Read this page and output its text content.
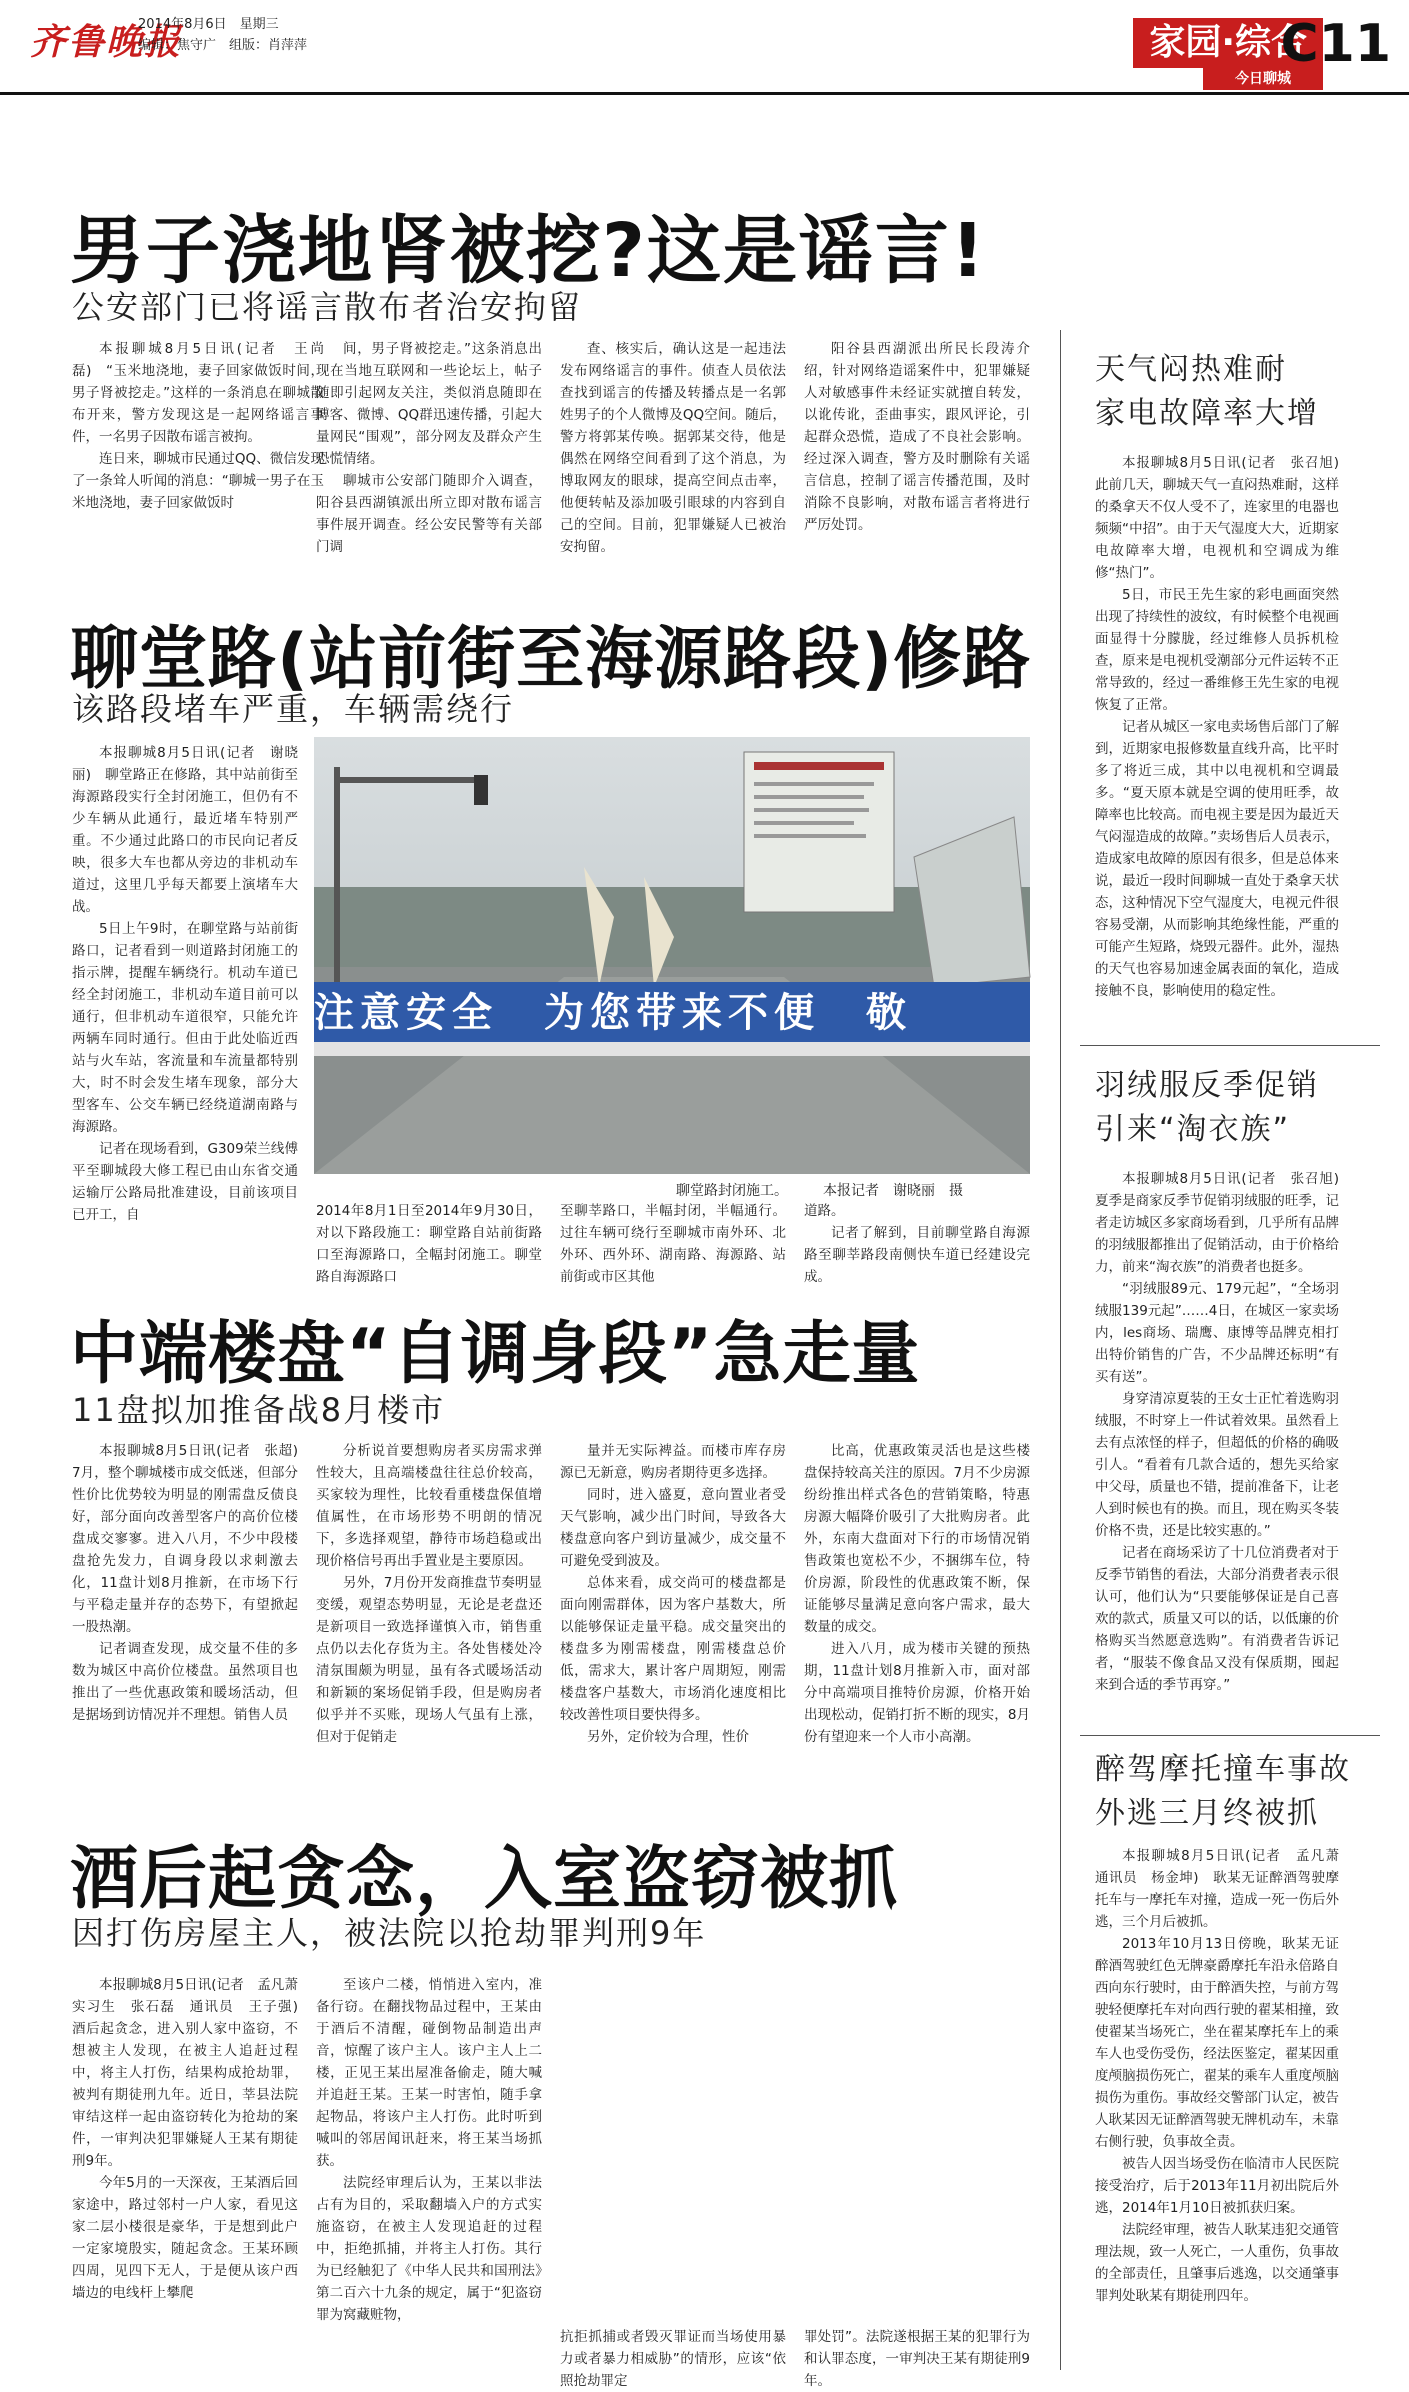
齐鲁晚报
2014年8月6日　星期三
编辑：焦守广　组版：肖萍萍	家园·综合
今日聊城
C11
男子浇地肾被挖?这是谣言!
公安部门已将谣言散布者治安拘留

本报聊城8月5日讯(记者　王尚磊)　“玉米地浇地，妻子回家做饭时间，男子肾被挖走。”这样的一条消息在聊城散布开来，警方发现这是一起网络谣言事件，一名男子因散布谣言被拘。

连日来，聊城市民通过QQ、微信发现了一条耸人听闻的消息：“聊城一男子在玉米地浇地，妻子回家做饭时

间，男子肾被挖走。”这条消息出现在当地互联网和一些论坛上，帖子随即引起网友关注，类似消息随即在博客、微博、QQ群迅速传播，引起大量网民“围观”，部分网友及群众产生恐慌情绪。

聊城市公安部门随即介入调查，阳谷县西湖镇派出所立即对散布谣言事件展开调查。经公安民警等有关部门调

查、核实后，确认这是一起违法发布网络谣言的事件。侦查人员依法查找到谣言的传播及转播点是一名郭姓男子的个人微博及QQ空间。随后，警方将郭某传唤。据郭某交待，他是偶然在网络空间看到了这个消息，为博取网友的眼球，提高空间点击率，他便转帖及添加吸引眼球的内容到自己的空间。目前，犯罪嫌疑人已被治安拘留。

阳谷县西湖派出所民长段涛介绍，针对网络造谣案件中，犯罪嫌疑人对敏感事件未经证实就擅自转发，以讹传讹，歪曲事实，跟风评论，引起群众恐慌，造成了不良社会影响。经过深入调查，警方及时删除有关谣言信息，控制了谣言传播范围，及时消除不良影响，对散布谣言者将进行严厉处罚。

聊堂路(站前街至海源路段)修路
该路段堵车严重，车辆需绕行

本报聊城8月5日讯(记者　谢晓丽)　聊堂路正在修路，其中站前街至海源路段实行全封闭施工，但仍有不少车辆从此通行，最近堵车特别严重。不少通过此路口的市民向记者反映，很多大车也都从旁边的非机动车道过，这里几乎每天都要上演堵车大战。

5日上午9时，在聊堂路与站前街路口，记者看到一则道路封闭施工的指示牌，提醒车辆绕行。机动车道已经全封闭施工，非机动车道目前可以通行，但非机动车道很窄，只能允许两辆车同时通行。但由于此处临近西站与火车站，客流量和车流量都特别大，时不时会发生堵车现象，部分大型客车、公交车辆已经绕道湖南路与海源路。

记者在现场看到，G309荣兰线傅平至聊城段大修工程已由山东省交通运输厅公路局批准建设，目前该项目已开工，自

注意安全　为您带来不便　敬
聊堂路封闭施工。　　　本报记者　谢晓丽　摄

2014年8月1日至2014年9月30日，对以下路段施工：聊堂路自站前街路口至海源路口，全幅封闭施工。聊堂路自海源路口

至聊莘路口，半幅封闭，半幅通行。过往车辆可绕行至聊城市南外环、北外环、西外环、湖南路、海源路、站前街或市区其他

道路。

记者了解到，目前聊堂路自海源路至聊莘路段南侧快车道已经建设完成。

中端楼盘“自调身段”急走量
11盘拟加推备战8月楼市

本报聊城8月5日讯(记者　张超)　7月，整个聊城楼市成交低迷，但部分性价比优势较为明显的刚需盘反债良好，部分面向改善型客户的高价位楼盘成交寥寥。进入八月，不少中段楼盘抢先发力，自调身段以求刺激去化，11盘计划8月推新，在市场下行与平稳走量并存的态势下，有望掀起一股热潮。

记者调查发现，成交量不佳的多数为城区中高价位楼盘。虽然项目也推出了一些优惠政策和暖场活动，但是据场到访情况并不理想。销售人员

分析说首要想购房者买房需求弹性较大，且高端楼盘往往总价较高，买家较为理性，比较看重楼盘保值增值属性，在市场形势不明朗的情况下，多选择观望，静待市场趋稳或出现价格信号再出手置业是主要原因。

另外，7月份开发商推盘节奏明显变缓，观望态势明显，无论是老盘还是新项目一致选择谨慎入市，销售重点仍以去化存货为主。各处售楼处冷清氛围颇为明显，虽有各式暖场活动和新颖的案场促销手段，但是购房者似乎并不买账，现场人气虽有上涨，但对于促销走

量并无实际裨益。而楼市库存房源已无新意，购房者期待更多选择。

同时，进入盛夏，意向置业者受天气影响，减少出门时间，导致各大楼盘意向客户到访量减少，成交量不可避免受到波及。

总体来看，成交尚可的楼盘都是面向刚需群体，因为客户基数大，所以能够保证走量平稳。成交量突出的楼盘多为刚需楼盘，刚需楼盘总价低，需求大，累计客户周期短，刚需楼盘客户基数大，市场消化速度相比较改善性项目要快得多。

另外，定价较为合理，性价

比高，优惠政策灵活也是这些楼盘保持较高关注的原因。7月不少房源纷纷推出样式各色的营销策略，特惠房源大幅降价吸引了大批购房者。此外，东南大盘面对下行的市场情况销售政策也宽松不少，不捆绑车位，特价房源，阶段性的优惠政策不断，保证能够尽量满足意向客户需求，最大数量的成交。

进入八月，成为楼市关键的预热期，11盘计划8月推新入市，面对部分中高端项目推特价房源，价格开始出现松动，促销打折不断的现实，8月份有望迎来一个人市小高潮。

酒后起贪念，入室盗窃被抓
因打伤房屋主人，被法院以抢劫罪判刑9年

本报聊城8月5日讯(记者　孟凡萧　实习生　张石磊　通讯员　王子强)　酒后起贪念，进入别人家中盗窃，不想被主人发现，在被主人追赶过程中，将主人打伤，结果构成抢劫罪，被判有期徒刑九年。近日，莘县法院审结这样一起由盗窃转化为抢劫的案件，一审判决犯罪嫌疑人王某有期徒刑9年。

今年5月的一天深夜，王某酒后回家途中，路过邻村一户人家，看见这家二层小楼很是豪华，于是想到此户一定家境殷实，随起贪念。王某环顾四周，见四下无人，于是便从该户西墙边的电线杆上攀爬

至该户二楼，悄悄进入室内，准备行窃。在翻找物品过程中，王某由于酒后不清醒，碰倒物品制造出声音，惊醒了该户主人。该户主人上二楼，正见王某出屋准备偷走，随大喊并追赶王某。王某一时害怕，随手拿起物品，将该户主人打伤。此时听到喊叫的邻居闻讯赶来，将王某当场抓获。

法院经审理后认为，王某以非法占有为目的，采取翻墙入户的方式实施盗窃，在被主人发现追赶的过程中，拒绝抓捕，并将主人打伤。其行为已经触犯了《中华人民共和国刑法》第二百六十九条的规定，属于“犯盗窃罪为窝藏赃物，

抗拒抓捕或者毁灭罪证而当场使用暴力或者暴力相威胁”的情形，应该“依照抢劫罪定

罪处罚”。法院遂根据王某的犯罪行为和认罪态度，一审判决王某有期徒刑9年。

天气闷热难耐
家电故障率大增

本报聊城8月5日讯(记者　张召旭)　此前几天，聊城天气一直闷热难耐，这样的桑拿天不仅人受不了，连家里的电器也频频“中招”。由于天气湿度大大，近期家电故障率大增，电视机和空调成为维修“热门”。

5日，市民王先生家的彩电画面突然出现了持续性的波纹，有时候整个电视画面显得十分朦胧，经过维修人员拆机检查，原来是电视机受潮部分元件运转不正常导致的，经过一番维修王先生家的电视恢复了正常。

记者从城区一家电卖场售后部门了解到，近期家电报修数量直线升高，比平时多了将近三成，其中以电视机和空调最多。“夏天原本就是空调的使用旺季，故障率也比较高。而电视主要是因为最近天气闷湿造成的故障。”卖场售后人员表示，造成家电故障的原因有很多，但是总体来说，最近一段时间聊城一直处于桑拿天状态，这种情况下空气湿度大，电视元件很容易受潮，从而影响其绝缘性能，严重的可能产生短路，烧毁元器件。此外，湿热的天气也容易加速金属表面的氧化，造成接触不良，影响使用的稳定性。

羽绒服反季促销
引来“淘衣族”

本报聊城8月5日讯(记者　张召旭)　夏季是商家反季节促销羽绒服的旺季，记者走访城区多家商场看到，几乎所有品牌的羽绒服都推出了促销活动，由于价格给力，前来“淘衣族”的消费者也挺多。

“羽绒服89元、179元起”，“全场羽绒服139元起”……4日，在城区一家卖场内，les商场、瑞鹰、康博等品牌克相打出特价销售的广告，不少品牌还标明“有买有送”。

身穿清凉夏装的王女士正忙着选购羽绒服，不时穿上一件试着效果。虽然看上去有点浓怪的样子，但超低的价格的确吸引人。“看着有几款合适的，想先买给家中父母，质量也不错，提前准备下，让老人到时候也有的换。而且，现在购买冬装价格不贵，还是比较实惠的。”

记者在商场采访了十几位消费者对于反季节销售的看法，大部分消费者表示很认可，他们认为“只要能够保证是自己喜欢的款式，质量又可以的话，以低廉的价格购买当然愿意选购”。有消费者告诉记者，“服装不像食品又没有保质期，囤起来到合适的季节再穿。”

醉驾摩托撞车事故
外逃三月终被抓

本报聊城8月5日讯(记者　孟凡萧　通讯员　杨金坤)　耿某无证醉酒驾驶摩托车与一摩托车对撞，造成一死一伤后外逃，三个月后被抓。

2013年10月13日傍晚，耿某无证醉酒驾驶红色无牌豪爵摩托车沿永倍路自西向东行驶时，由于醉酒失控，与前方驾驶轻便摩托车对向西行驶的翟某相撞，致使翟某当场死亡，坐在翟某摩托车上的乘车人也受伤受伤，经法医鉴定，翟某因重度颅脑损伤死亡，翟某的乘车人重度颅脑损伤为重伤。事故经交警部门认定，被告人耿某因无证醉酒驾驶无牌机动车，未靠右侧行驶，负事故全责。

被告人因当场受伤在临清市人民医院接受治疗，后于2013年11月初出院后外逃，2014年1月10日被抓获归案。

法院经审理，被告人耿某违犯交通管理法规，致一人死亡，一人重伤，负事故的全部责任，且肇事后逃逸，以交通肇事罪判处耿某有期徒刑四年。
